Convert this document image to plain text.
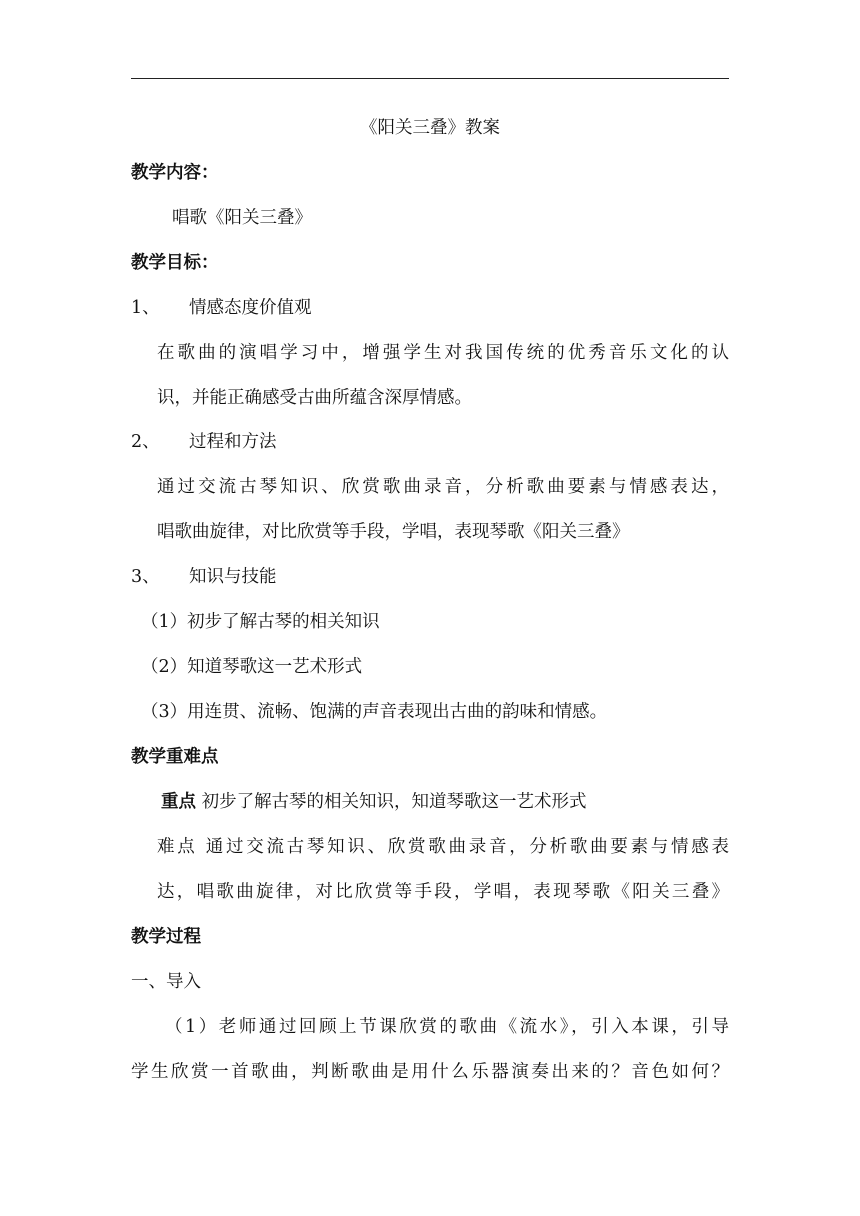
《阳关三叠》教案
教学内容：
唱歌《阳关三叠》
教学目标：
1、 情感态度价值观
在歌曲的演唱学习中，增强学生对我国传统的优秀音乐文化的认
识，并能正确感受古曲所蕴含深厚情感。
2、 过程和方法
通过交流古琴知识、欣赏歌曲录音，分析歌曲要素与情感表达，
唱歌曲旋律，对比欣赏等手段，学唱，表现琴歌《阳关三叠》
3、 知识与技能
（1）初步了解古琴的相关知识
（2）知道琴歌这一艺术形式
（3）用连贯、流畅、饱满的声音表现出古曲的韵味和情感。
教学重难点
重点 初步了解古琴的相关知识，知道琴歌这一艺术形式
难点 通过交流古琴知识、欣赏歌曲录音，分析歌曲要素与情感表
达，唱歌曲旋律，对比欣赏等手段，学唱，表现琴歌《阳关三叠》
教学过程
一、导入
（1）老师通过回顾上节课欣赏的歌曲《流水》，引入本课，引导
学生欣赏一首歌曲，判断歌曲是用什么乐器演奏出来的？音色如何？
